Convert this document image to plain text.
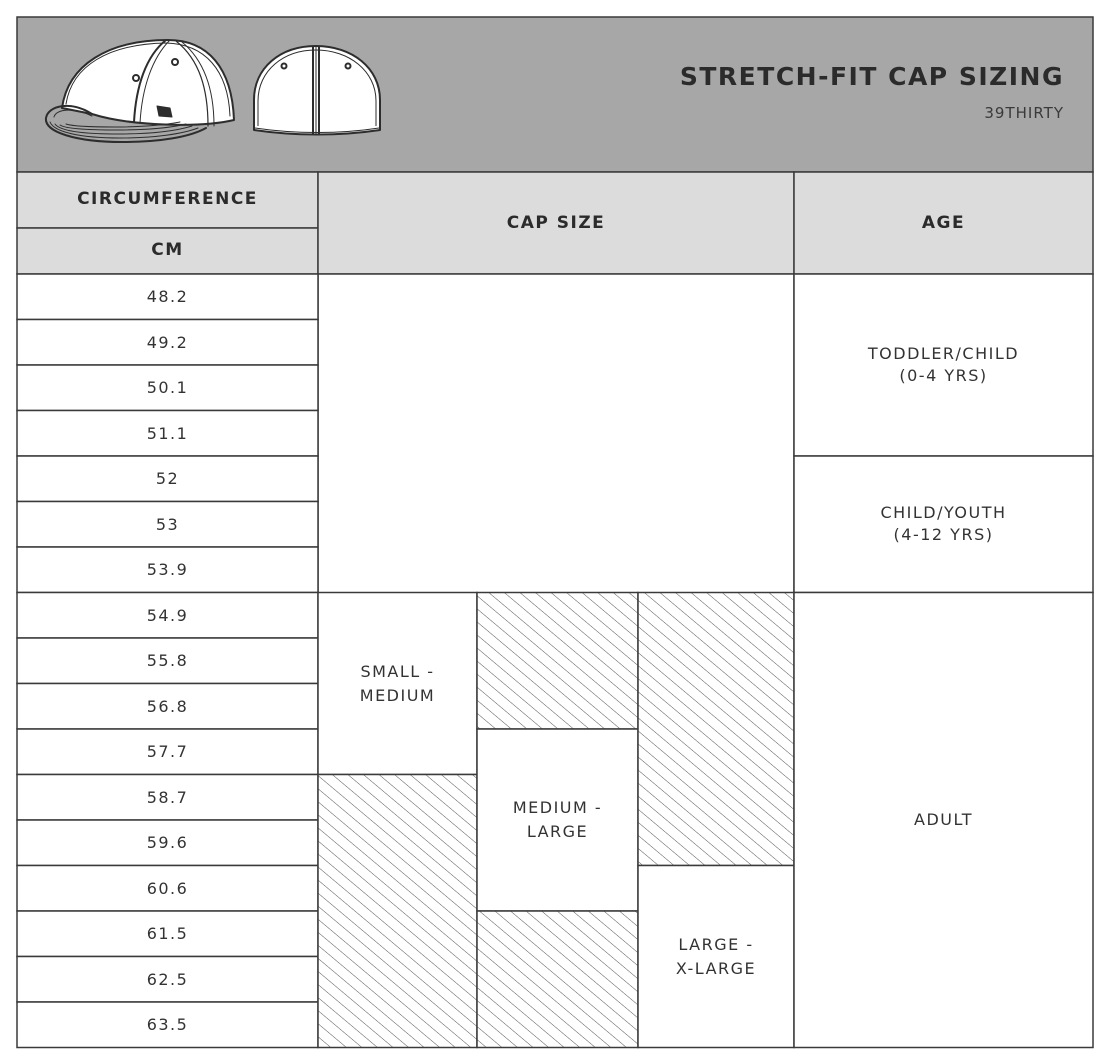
STRETCH-FIT CAP SIZING
39THIRTY
CIRCUMFERENCE
CM
CAP SIZE	AGE
48.2
49.2
50.1
51.1
52
53
53.9
54.9
55.8
56.8
57.7
58.7
59.6
60.6
61.5
62.5
63.5
SMALL -
MEDIUM
MEDIUM -
LARGE
LARGE -
X-LARGE
TODDLER/CHILD
(0-4 YRS)
CHILD/YOUTH
(4-12 YRS)
ADULT
